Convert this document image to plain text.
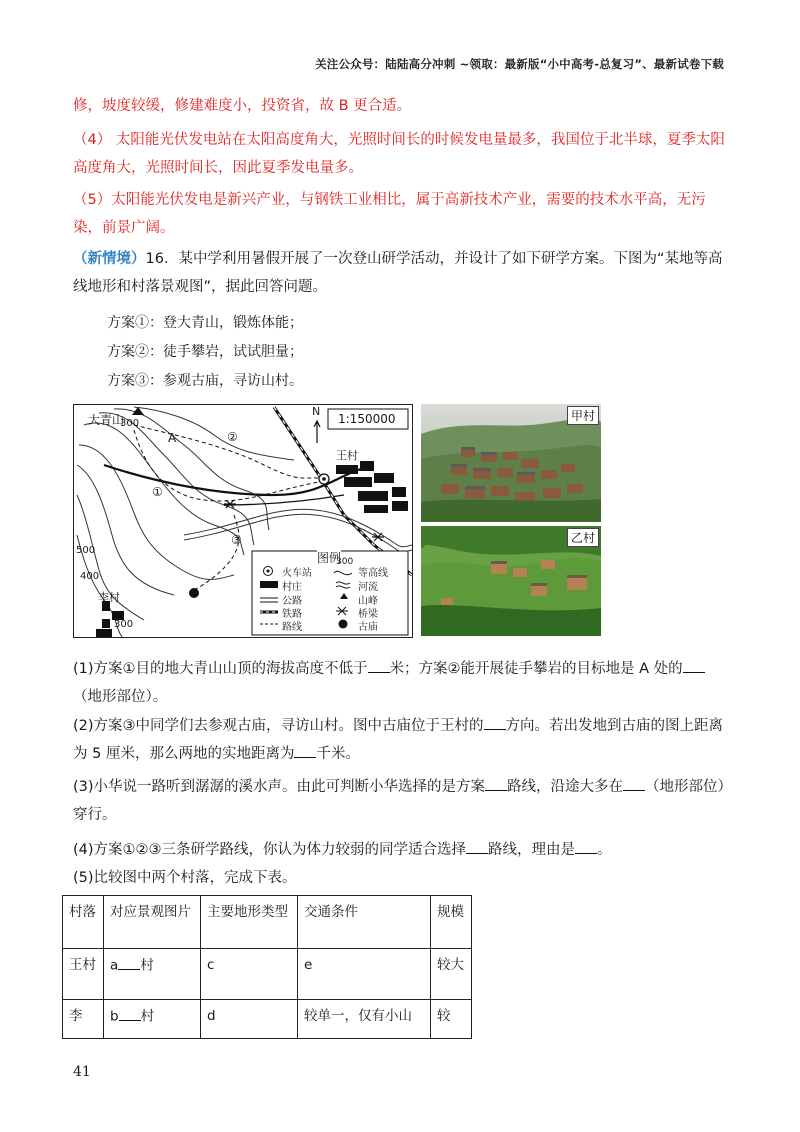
关注公众号：陆陆高分冲刺 ~领取：最新版“小中高考-总复习”、最新试卷下载
修，坡度较缓，修建难度小，投资省，故 B 更合适。
（4） 太阳能光伏发电站在太阳高度角大，光照时间长的时候发电量最多，我国位于北半球，夏季太阳高度角大，光照时间长，因此夏季发电量多。
（5）太阳能光伏发电是新兴产业，与钢铁工业相比，属于高新技术产业，需要的技术水平高，无污染，前景广阔。
（新情境）16．某中学利用暑假开展了一次登山研学活动，并设计了如下研学方案。下图为“某地等高线地形和村落景观图”，据此回答问题。
方案①：登大青山，锻炼体能；
方案②：徒手攀岩，试试胆量；
方案③：参观古庙，寻访山村。
大青山
A
①
②
③
500
400
300
300
王村
李村
N
1:150000
图例
火车站
村庄
公路
铁路
路线
300
等高线
河流
山峰
桥梁
古庙
甲村
乙村
(1)方案①目的地大青山山顶的海拔高度不低于 米；方案②能开展徒手攀岩的目标地是 A 处的（地形部位）。
(2)方案③中同学们去参观古庙，寻访山村。图中古庙位于王村的 方向。若出发地到古庙的图上距离为 5 厘米，那么两地的实地距离为 千米。
(3)小华说一路听到潺潺的溪水声。由此可判断小华选择的是方案 路线，沿途大多在 （地形部位）穿行。
(4)方案①②③三条研学路线，你认为体力较弱的同学适合选择 路线，理由是 。
(5)比较图中两个村落，完成下表。
村落	对应景观图片	主要地形类型	交通条件	规模
王村	a 村	c	e	较大
李	b 村	d	较单一，仅有小山	较
41
